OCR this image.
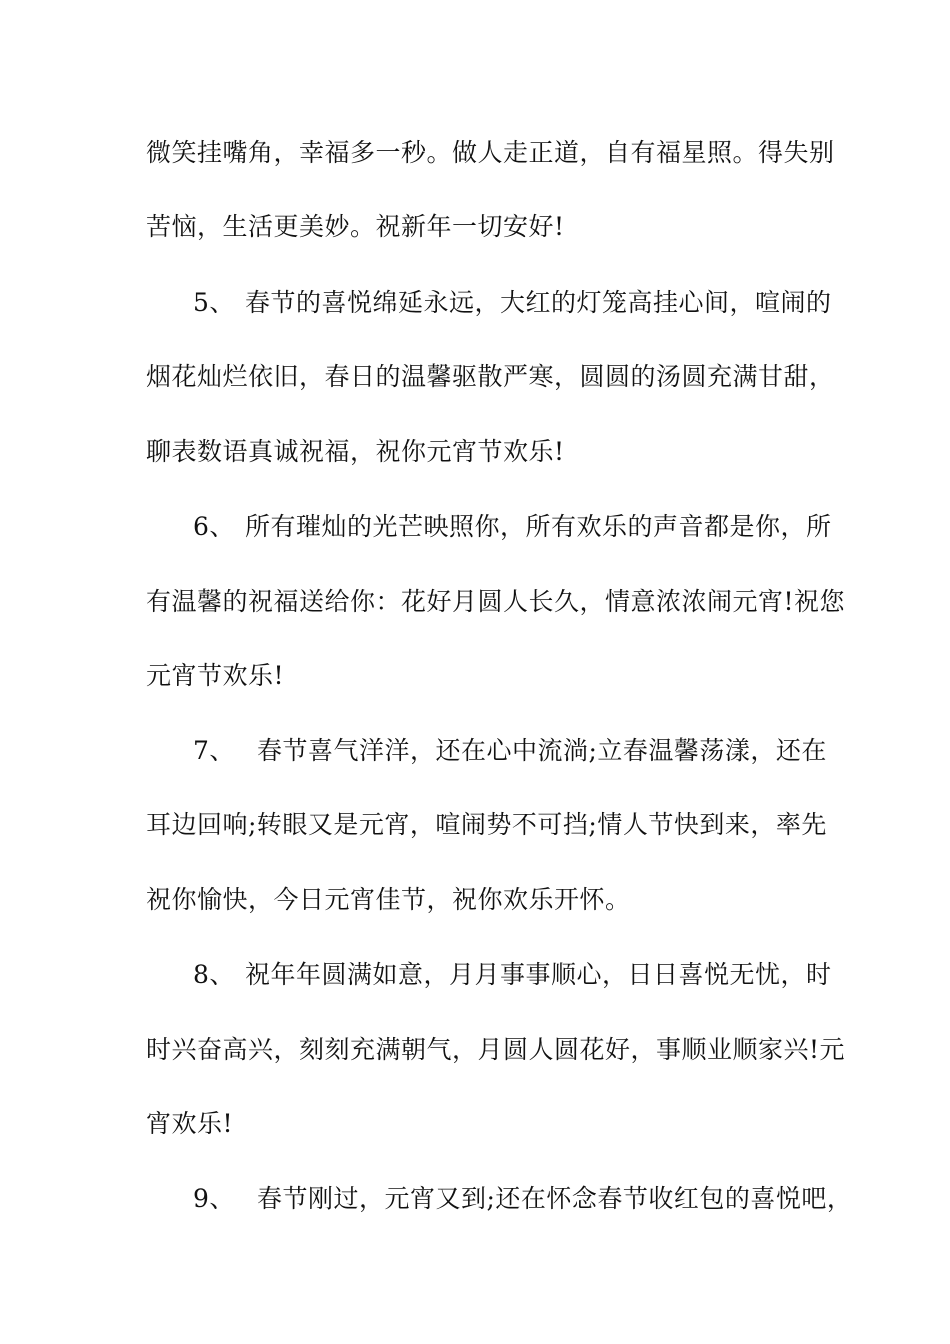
微笑挂嘴角，幸福多一秒。做人走正道，自有福星照。得失别
苦恼，生活更美妙。祝新年一切安好!
5、 春节的喜悦绵延永远，大红的灯笼高挂心间，喧闹的
烟花灿烂依旧，春日的温馨驱散严寒，圆圆的汤圆充满甘甜，
聊表数语真诚祝福，祝你元宵节欢乐!
6、 所有璀灿的光芒映照你，所有欢乐的声音都是你，所
有温馨的祝福送给你：花好月圆人长久，情意浓浓闹元宵!祝您
元宵节欢乐!
7、 春节喜气洋洋，还在心中流淌;立春温馨荡漾，还在
耳边回响;转眼又是元宵，喧闹势不可挡;情人节快到来，率先
祝你愉快，今日元宵佳节，祝你欢乐开怀。
8、 祝年年圆满如意，月月事事顺心，日日喜悦无忧，时
时兴奋高兴，刻刻充满朝气，月圆人圆花好，事顺业顺家兴!元
宵欢乐!
9、 春节刚过，元宵又到;还在怀念春节收红包的喜悦吧，
